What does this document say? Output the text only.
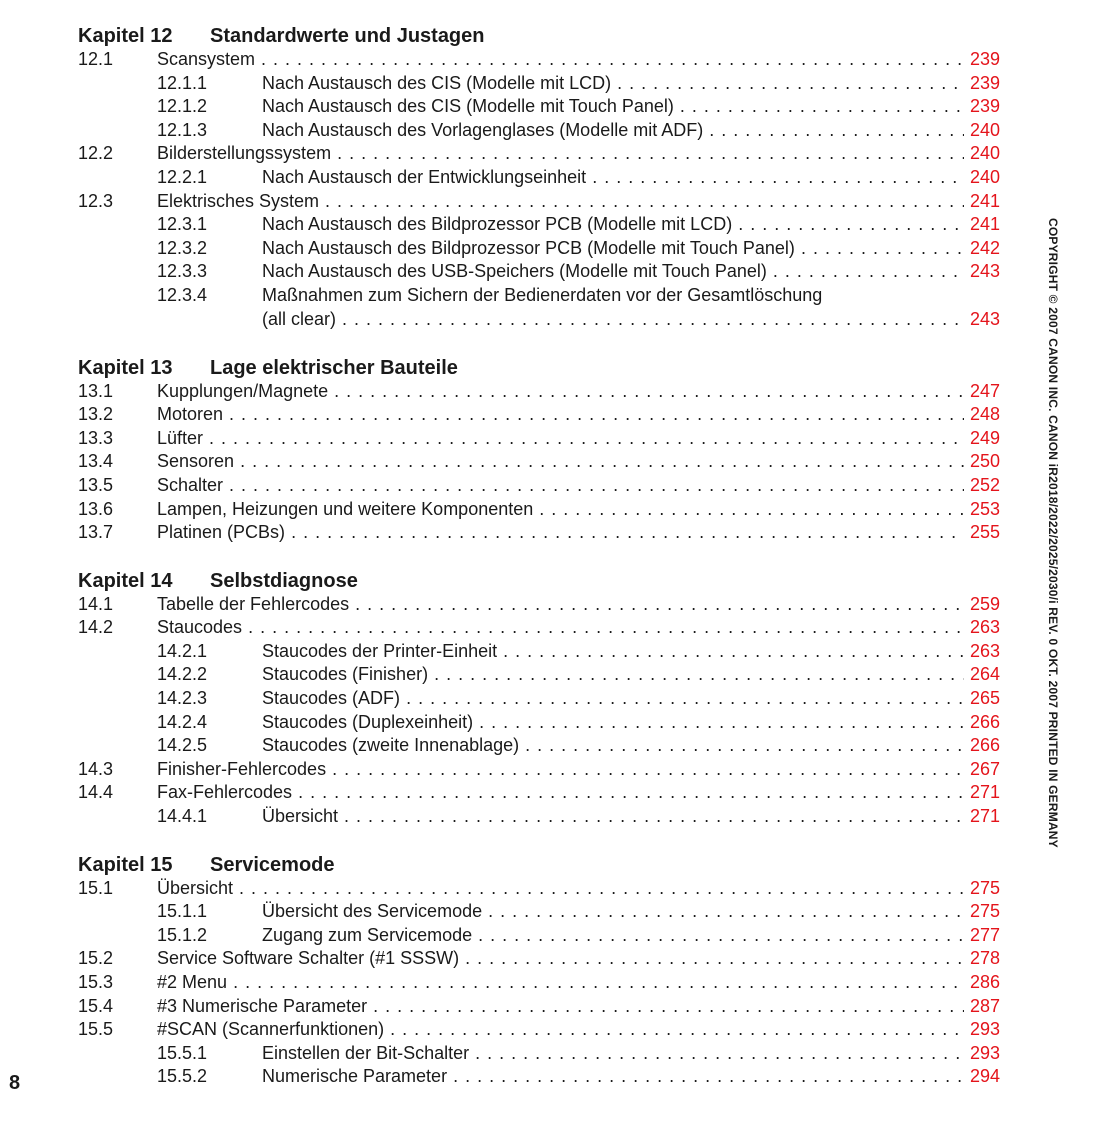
Kapitel 12 Standardwerte und Justagen
12.1 Scansystem . . .	239
12.1.1	Nach Austausch des CIS (Modelle mit LCD) . . .	239
12.1.2	Nach Austausch des CIS (Modelle mit Touch Panel) . . .	239
12.1.3	Nach Austausch des Vorlagenglases (Modelle mit ADF) . . .	240
12.2 Bilderstellungssystem . . .	240
12.2.1	Nach Austausch der Entwicklungseinheit . . .	240
12.3 Elektrisches System . . .	241
12.3.1	Nach Austausch des Bildprozessor PCB (Modelle mit LCD) . . .	241
12.3.2	Nach Austausch des Bildprozessor PCB (Modelle mit Touch Panel) . . .	242
12.3.3	Nach Austausch des USB-Speichers (Modelle mit Touch Panel) . . .	243
12.3.4	Maßnahmen zum Sichern der Bedienerdaten vor der Gesamtlöschung
(all clear) . . .	243
Kapitel 13 Lage elektrischer Bauteile
13.1 Kupplungen/Magnete . . .	247
13.2 Motoren . . .	248
13.3 Lüfter . . .	249
13.4 Sensoren . . .	250
13.5 Schalter . . .	252
13.6 Lampen, Heizungen und weitere Komponenten . . .	253
13.7 Platinen (PCBs) . . .	255
Kapitel 14 Selbstdiagnose
14.1 Tabelle der Fehlercodes . . .	259
14.2 Staucodes . . .	263
14.2.1	Staucodes der Printer-Einheit . . .	263
14.2.2	Staucodes (Finisher) . . .	264
14.2.3	Staucodes (ADF) . . .	265
14.2.4	Staucodes (Duplexeinheit) . . .	266
14.2.5	Staucodes (zweite Innenablage) . . .	266
14.3 Finisher-Fehlercodes . . .	267
14.4 Fax-Fehlercodes . . .	271
14.4.1	Übersicht . . .	271
Kapitel 15 Servicemode
15.1 Übersicht . . .	275
15.1.1	Übersicht des Servicemode . . .	275
15.1.2	Zugang zum Servicemode . . .	277
15.2 Service Software Schalter (#1 SSSW) . . .	278
15.3 #2 Menu . . .	286
15.4 #3 Numerische Parameter . . .	287
15.5 #SCAN (Scannerfunktionen) . . .	293
15.5.1	Einstellen der Bit-Schalter . . .	293
15.5.2	Numerische Parameter . . .	294
8
COPYRIGHT © 2007 CANON INC. CANON iR2018/2022/2025/2030/i REV. 0 OKT. 2007 PRINTED IN GERMANY
